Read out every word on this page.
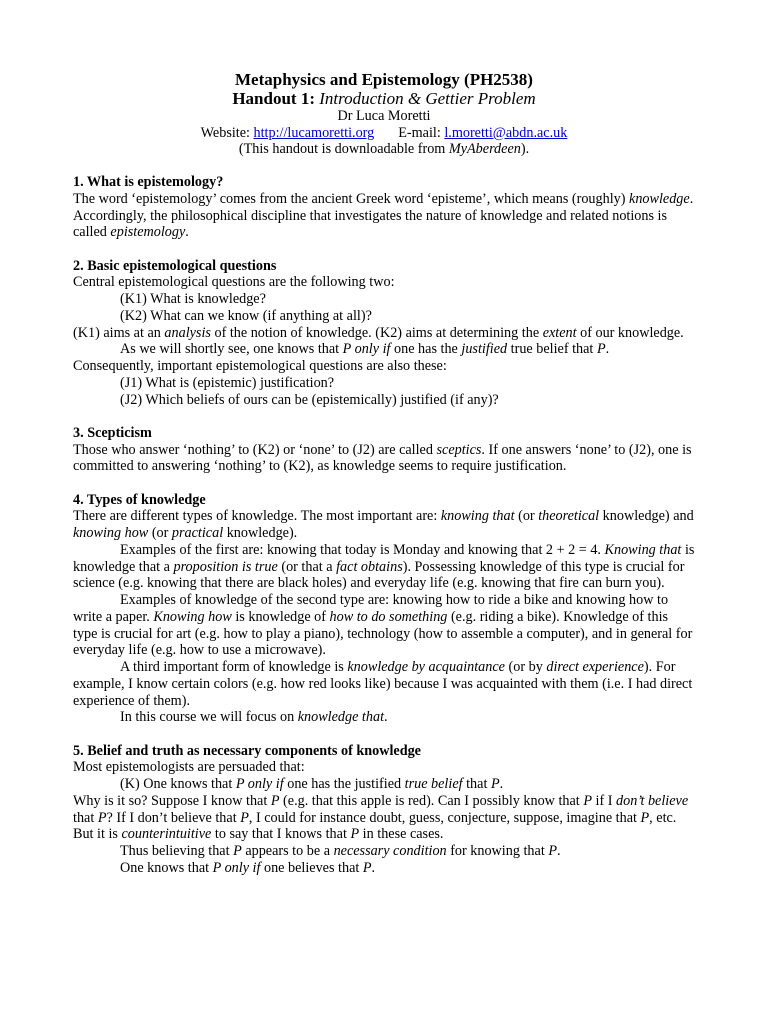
Metaphysics and Epistemology (PH2538)
Handout 1: Introduction & Gettier Problem
Dr Luca Moretti
Website: http://lucamoretti.org E-mail: l.moretti@abdn.ac.uk
(This handout is downloadable from MyAberdeen).
1. What is epistemology?

The word ‘epistemology’ comes from the ancient Greek word ‘episteme’, which means (roughly) knowledge. Accordingly, the philosophical discipline that investigates the nature of knowledge and related notions is called epistemology.

2. Basic epistemological questions

Central epistemological questions are the following two:

(K1) What is knowledge?

(K2) What can we know (if anything at all)?

(K1) aims at an analysis of the notion of knowledge. (K2) aims at determining the extent of our knowledge.

As we will shortly see, one knows that P only if one has the justified true belief that P.

Consequently, important epistemological questions are also these:

(J1) What is (epistemic) justification?

(J2) Which beliefs of ours can be (epistemically) justified (if any)?

3. Scepticism

Those who answer ‘nothing’ to (K2) or ‘none’ to (J2) are called sceptics. If one answers ‘none’ to (J2), one is committed to answering ‘nothing’ to (K2), as knowledge seems to require justification.

4. Types of knowledge

There are different types of knowledge. The most important are: knowing that (or theoretical knowledge) and knowing how (or practical knowledge).

Examples of the first are: knowing that today is Monday and knowing that 2 + 2 = 4. Knowing that is knowledge that a proposition is true (or that a fact obtains). Possessing knowledge of this type is crucial for science (e.g. knowing that there are black holes) and everyday life (e.g. knowing that fire can burn you).

Examples of knowledge of the second type are: knowing how to ride a bike and knowing how to write a paper. Knowing how is knowledge of how to do something (e.g. riding a bike). Knowledge of this type is crucial for art (e.g. how to play a piano), technology (how to assemble a computer), and in general for everyday life (e.g. how to use a microwave).

A third important form of knowledge is knowledge by acquaintance (or by direct experience). For example, I know certain colors (e.g. how red looks like) because I was acquainted with them (i.e. I had direct experience of them).

In this course we will focus on knowledge that.

5. Belief and truth as necessary components of knowledge

Most epistemologists are persuaded that:

(K) One knows that P only if one has the justified true belief that P.

Why is it so? Suppose I know that P (e.g. that this apple is red). Can I possibly know that P if I don’t believe that P? If I don’t believe that P, I could for instance doubt, guess, conjecture, suppose, imagine that P, etc. But it is counterintuitive to say that I knows that P in these cases.

Thus believing that P appears to be a necessary condition for knowing that P.

One knows that P only if one believes that P.
